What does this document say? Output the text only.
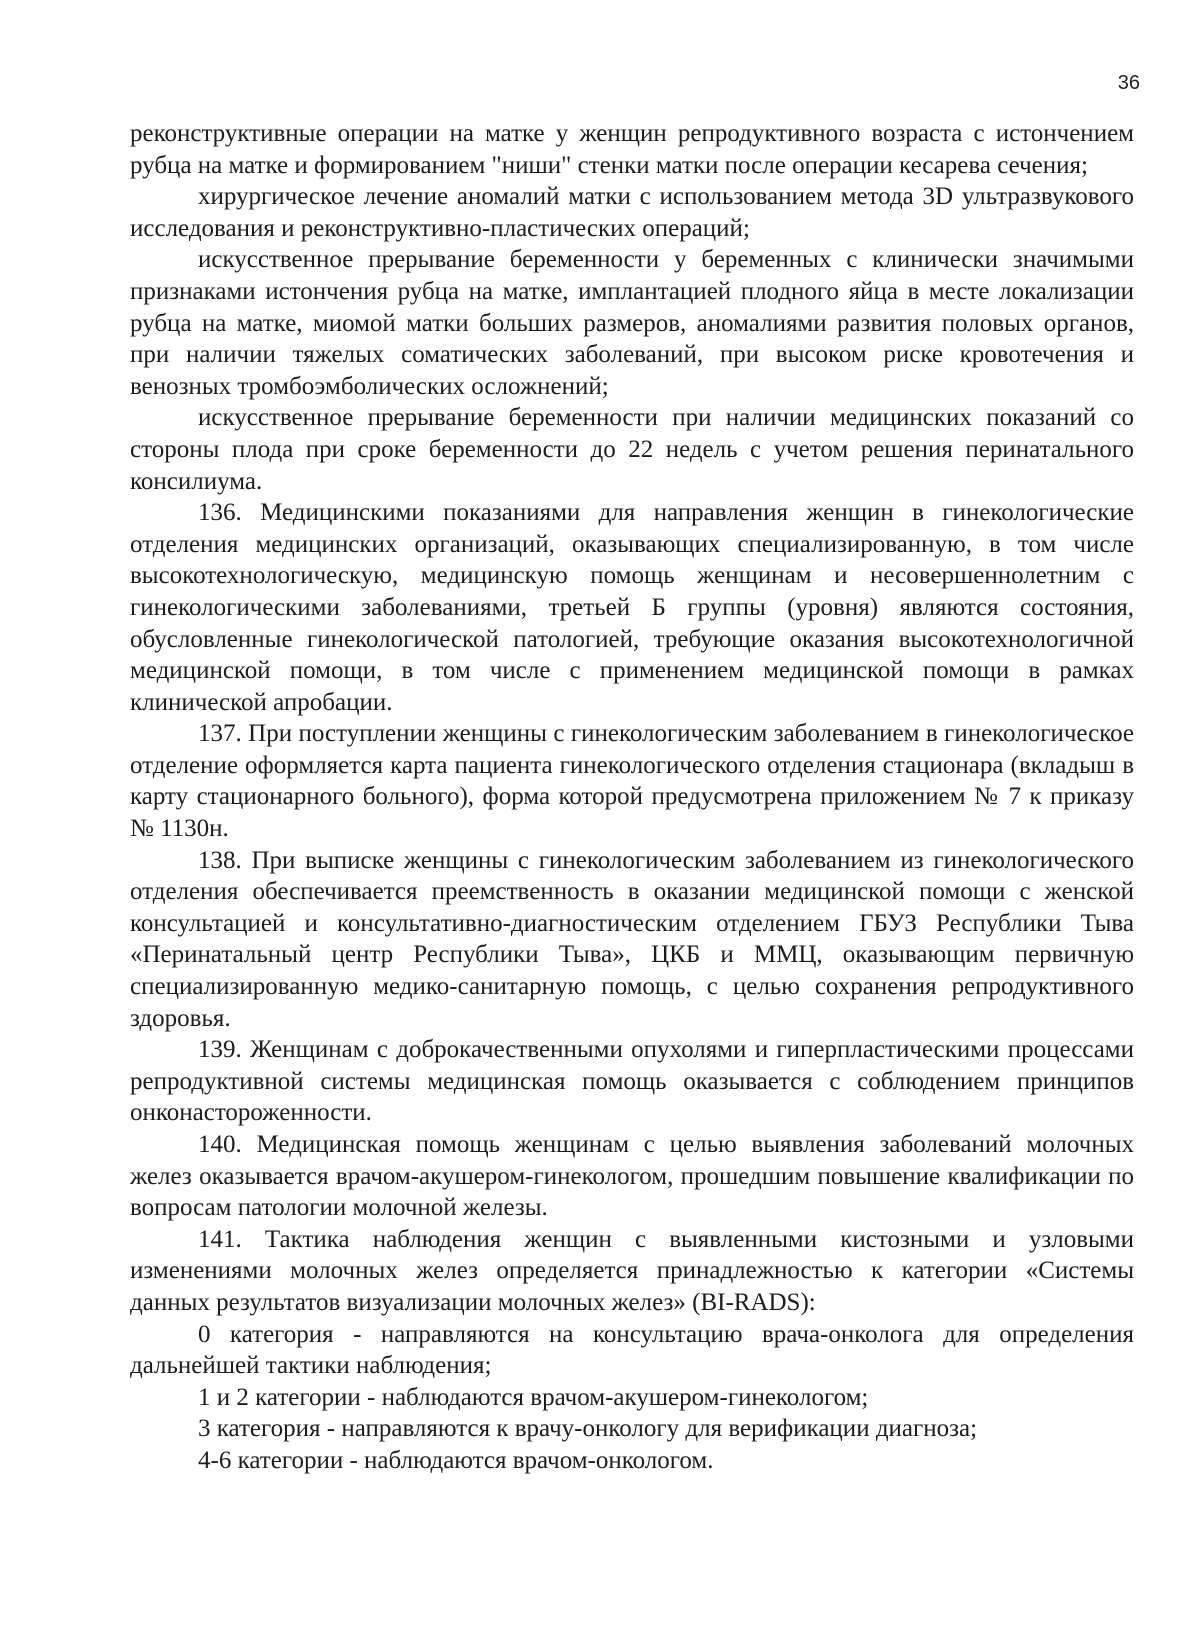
36

реконструктивные операции на матке у женщин репродуктивного возраста с истончением рубца на матке и формированием "ниши" стенки матки после операции кесарева сечения;

хирургическое лечение аномалий матки с использованием метода 3D ультразвукового исследования и реконструктивно-пластических операций;

искусственное прерывание беременности у беременных с клинически значимыми признаками истончения рубца на матке, имплантацией плодного яйца в месте локализации рубца на матке, миомой матки больших размеров, аномалиями развития половых органов, при наличии тяжелых соматических заболеваний, при высоком риске кровотечения и венозных тромбоэмболических осложнений;

искусственное прерывание беременности при наличии медицинских показаний со стороны плода при сроке беременности до 22 недель с учетом решения перинатального консилиума.

136. Медицинскими показаниями для направления женщин в гинекологические отделения медицинских организаций, оказывающих специализированную, в том числе высокотехнологическую, медицинскую помощь женщинам и несовершеннолетним с гинекологическими заболеваниями, третьей Б группы (уровня) являются состояния, обусловленные гинекологической патологией, требующие оказания высокотехнологичной медицинской помощи, в том числе с применением медицинской помощи в рамках клинической апробации.

137. При поступлении женщины с гинекологическим заболеванием в гинекологическое отделение оформляется карта пациента гинекологического отделения стационара (вкладыш в карту стационарного больного), форма которой предусмотрена приложением № 7 к приказу № 1130н.

138. При выписке женщины с гинекологическим заболеванием из гинекологического отделения обеспечивается преемственность в оказании медицинской помощи с женской консультацией и консультативно-диагностическим отделением ГБУЗ Республики Тыва «Перинатальный центр Республики Тыва», ЦКБ и ММЦ, оказывающим первичную специализированную медико-санитарную помощь, с целью сохранения репродуктивного здоровья.

139. Женщинам с доброкачественными опухолями и гиперпластическими процессами репродуктивной системы медицинская помощь оказывается с соблюдением принципов онконастороженности.

140. Медицинская помощь женщинам с целью выявления заболеваний молочных желез оказывается врачом-акушером-гинекологом, прошедшим повышение квалификации по вопросам патологии молочной железы.

141. Тактика наблюдения женщин с выявленными кистозными и узловыми изменениями молочных желез определяется принадлежностью к категории «Системы данных результатов визуализации молочных желез» (BI-RADS):

0 категория - направляются на консультацию врача-онколога для определения дальнейшей тактики наблюдения;

1 и 2 категории - наблюдаются врачом-акушером-гинекологом;

3 категория - направляются к врачу-онкологу для верификации диагноза;

4-6 категории - наблюдаются врачом-онкологом.
